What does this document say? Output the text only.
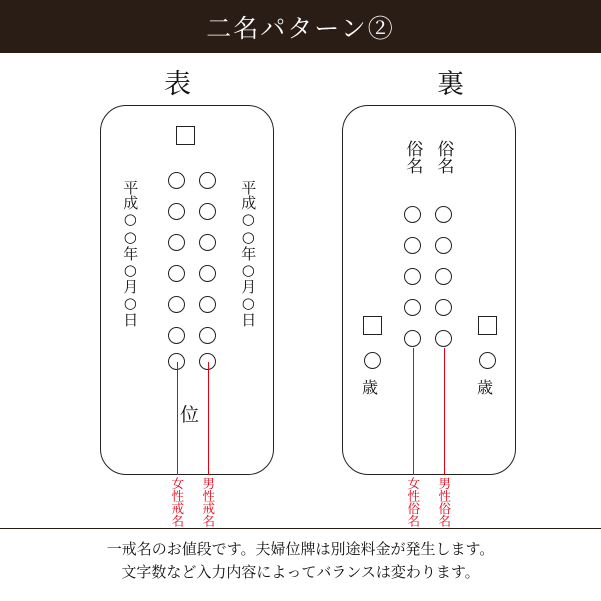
二名パターン②
表	裏
平成○○年○月○日	平成○○年○月○日
位
女性戒名 男性戒名
俗名 俗名
歳	歳
女性俗名 男性俗名
一戒名のお値段です。夫婦位牌は別途料金が発生します。
文字数など入力内容によってバランスは変わります。
